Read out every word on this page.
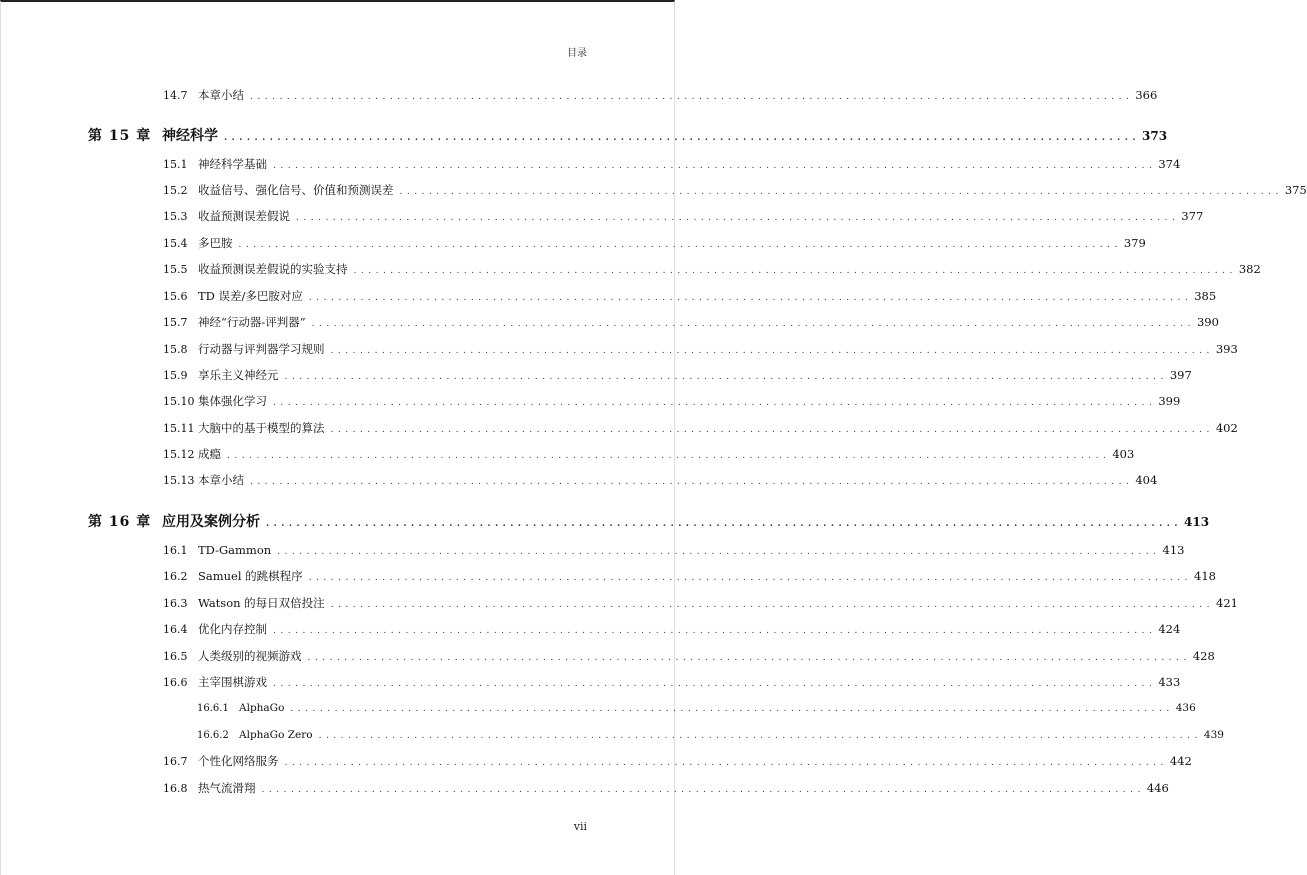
目录
14.7 本章小结 ........................................................................................................................ 366
第 15 章 神经科学 ........................................................................................................................ 373
15.1 神经科学基础 ........................................................................................................................ 374
15.2 收益信号、强化信号、价值和预测误差 ........................................................................................................................ 375
15.3 收益预测误差假说 ........................................................................................................................ 377
15.4 多巴胺 ........................................................................................................................ 379
15.5 收益预测误差假说的实验支持 ........................................................................................................................ 382
15.6 TD 误差/多巴胺对应 ........................................................................................................................ 385
15.7 神经“行动器-评判器” ........................................................................................................................ 390
15.8 行动器与评判器学习规则 ........................................................................................................................ 393
15.9 享乐主义神经元 ........................................................................................................................ 397
15.10 集体强化学习 ........................................................................................................................ 399
15.11 大脑中的基于模型的算法 ........................................................................................................................ 402
15.12 成瘾 ........................................................................................................................ 403
15.13 本章小结 ........................................................................................................................ 404
第 16 章 应用及案例分析 ........................................................................................................................ 413
16.1 TD-Gammon ........................................................................................................................ 413
16.2 Samuel 的跳棋程序 ........................................................................................................................ 418
16.3 Watson 的每日双倍投注 ........................................................................................................................ 421
16.4 优化内存控制 ........................................................................................................................ 424
16.5 人类级别的视频游戏 ........................................................................................................................ 428
16.6 主宰围棋游戏 ........................................................................................................................ 433
16.6.1 AlphaGo ........................................................................................................................ 436
16.6.2 AlphaGo Zero ........................................................................................................................ 439
16.7 个性化网络服务 ........................................................................................................................ 442
16.8 热气流滑翔 ........................................................................................................................ 446
vii
